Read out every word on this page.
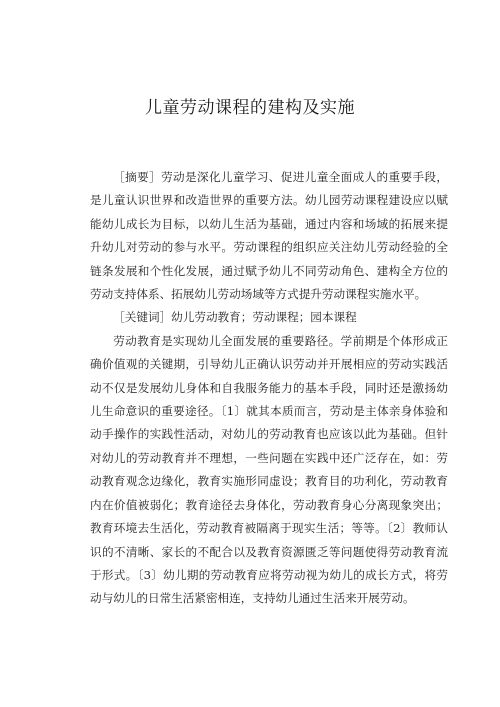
儿童劳动课程的建构及实施

［摘要］劳动是深化儿童学习、促进儿童全面成人的重要手段，是儿童认识世界和改造世界的重要方法。幼儿园劳动课程建设应以赋能幼儿成长为目标，以幼儿生活为基础，通过内容和场域的拓展来提升幼儿对劳动的参与水平。劳动课程的组织应关注幼儿劳动经验的全链条发展和个性化发展，通过赋予幼儿不同劳动角色、建构全方位的劳动支持体系、拓展幼儿劳动场域等方式提升劳动课程实施水平。

［关键词］幼儿劳动教育；劳动课程；园本课程

劳动教育是实现幼儿全面发展的重要路径。学前期是个体形成正确价值观的关键期，引导幼儿正确认识劳动并开展相应的劳动实践活动不仅是发展幼儿身体和自我服务能力的基本手段，同时还是激扬幼儿生命意识的重要途径。〔1〕就其本质而言，劳动是主体亲身体验和动手操作的实践性活动，对幼儿的劳动教育也应该以此为基础。但针对幼儿的劳动教育并不理想，一些问题在实践中还广泛存在，如：劳动教育观念边缘化，教育实施形同虚设；教育目的功利化，劳动教育内在价值被弱化；教育途径去身体化，劳动教育身心分离现象突出；教育环境去生活化，劳动教育被隔离于现实生活；等等。〔2〕教师认识的不清晰、家长的不配合以及教育资源匮乏等问题使得劳动教育流于形式。〔3〕幼儿期的劳动教育应将劳动视为幼儿的成长方式，将劳动与幼儿的日常生活紧密相连，支持幼儿通过生活来开展劳动。
